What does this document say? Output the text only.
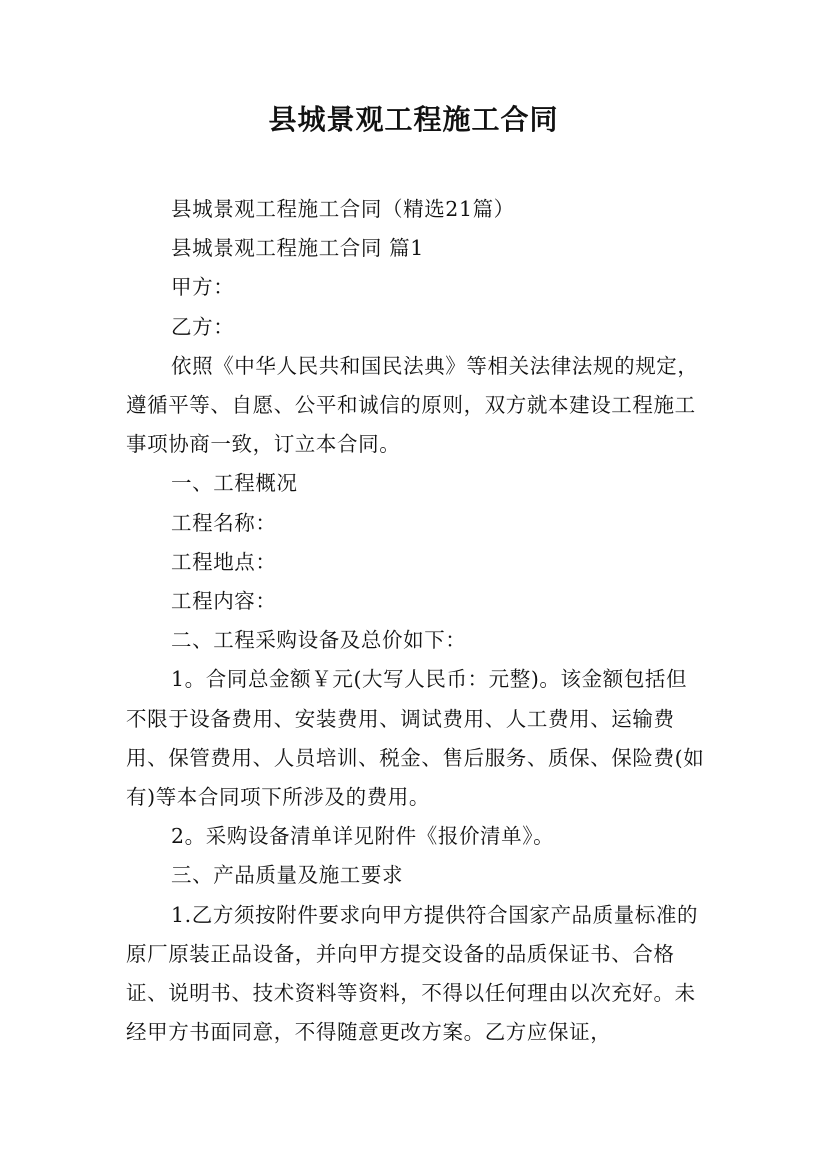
县城景观工程施工合同

县城景观工程施工合同（精选21篇）

县城景观工程施工合同 篇1

甲方：

乙方：

依照《中华人民共和国民法典》等相关法律法规的规定，遵循平等、自愿、公平和诚信的原则，双方就本建设工程施工事项协商一致，订立本合同。

一、工程概况

工程名称：

工程地点：

工程内容：

二、工程采购设备及总价如下：

1。合同总金额￥元(大写人民币：元整)。该金额包括但不限于设备费用、安装费用、调试费用、人工费用、运输费用、保管费用、人员培训、税金、售后服务、质保、保险费(如有)等本合同项下所涉及的费用。

2。采购设备清单详见附件《报价清单》。

三、产品质量及施工要求

1.乙方须按附件要求向甲方提供符合国家产品质量标准的原厂原装正品设备，并向甲方提交设备的品质保证书、合格证、说明书、技术资料等资料，不得以任何理由以次充好。未经甲方书面同意，不得随意更改方案。乙方应保证，
